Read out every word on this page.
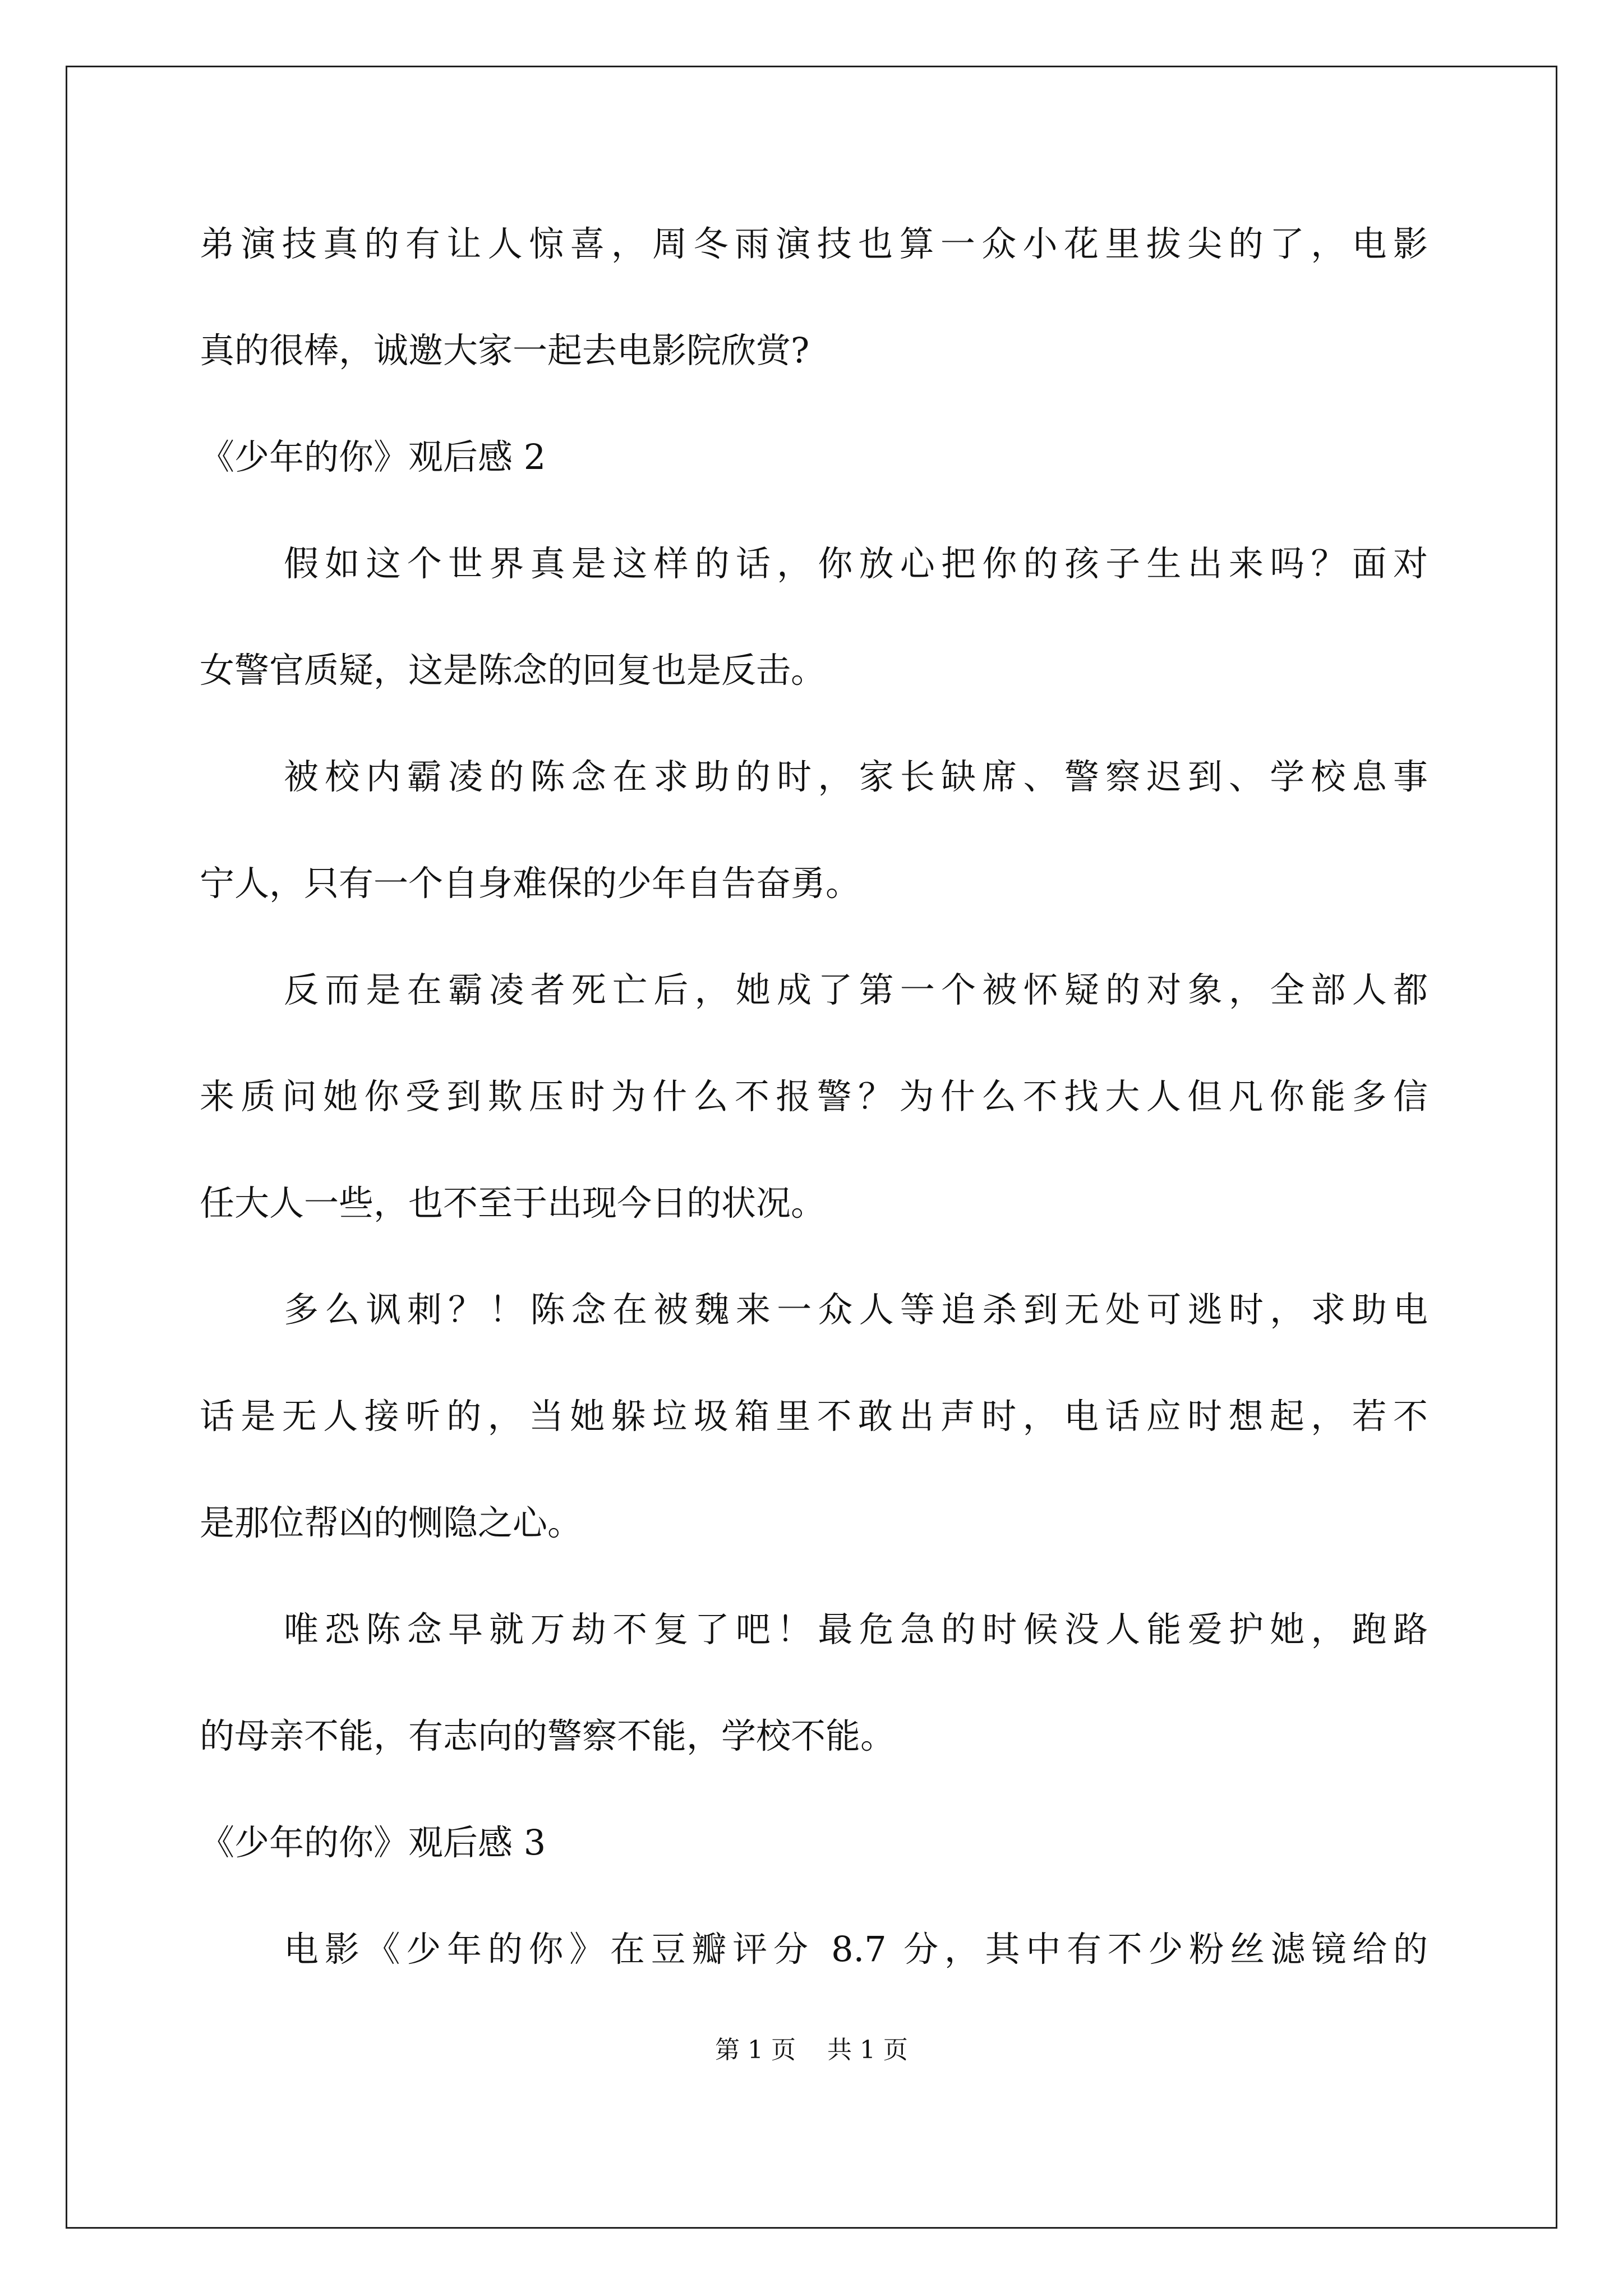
弟演技真的有让人惊喜，周冬雨演技也算一众小花里拔尖的了，电影
真的很棒，诚邀大家一起去电影院欣赏?
《少年的你》观后感 2
假如这个世界真是这样的话，你放心把你的孩子生出来吗？面对
女警官质疑，这是陈念的回复也是反击。
被校内霸凌的陈念在求助的时，家长缺席、警察迟到、学校息事
宁人，只有一个自身难保的少年自告奋勇。
反而是在霸凌者死亡后，她成了第一个被怀疑的对象，全部人都
来质问她你受到欺压时为什么不报警？为什么不找大人但凡你能多信
任大人一些，也不至于出现今日的状况。
多么讽刺？！陈念在被魏来一众人等追杀到无处可逃时，求助电
话是无人接听的，当她躲垃圾箱里不敢出声时，电话应时想起，若不
是那位帮凶的恻隐之心。
唯恐陈念早就万劫不复了吧！最危急的时候没人能爱护她，跑路
的母亲不能，有志向的警察不能，学校不能。
《少年的你》观后感 3
电影《少年的你》在豆瓣评分 8.7 分，其中有不少粉丝滤镜给的
第 1 页    共 1 页
